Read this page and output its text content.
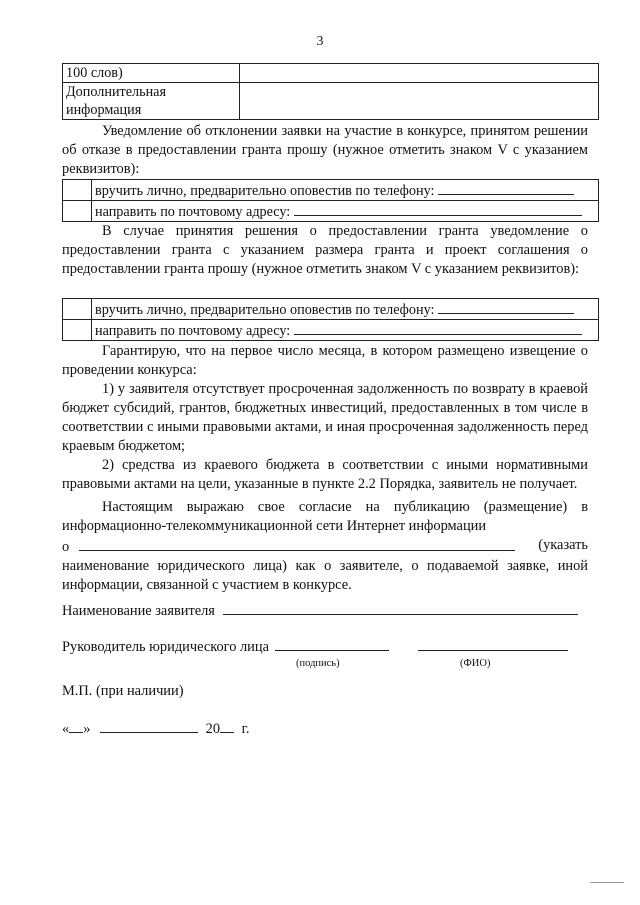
3
100 слов)	
Дополнительная информация	

Уведомление об отклонении заявки на участие в конкурсе, принятом решении об отказе в предоставлении гранта прошу (нужное отметить знаком V с указанием реквизитов):

	вручить лично, предварительно оповестив по телефону:
	направить по почтовому адресу:

В случае принятия решения о предоставлении гранта уведомление о предоставлении гранта с указанием размера гранта и проект соглашения о предоставлении гранта прошу (нужное отметить знаком V с указанием реквизитов):

	вручить лично, предварительно оповестив по телефону:
	направить по почтовому адресу:

Гарантирую, что на первое число месяца, в котором размещено извещение о проведении конкурса:

1) у заявителя отсутствует просроченная задолженность по возврату в краевой бюджет субсидий, грантов, бюджетных инвестиций, предоставленных в том числе в соответствии с иными правовыми актами, и иная просроченная задолженность перед краевым бюджетом;

2) средства из краевого бюджета в соответствии с иными нормативными правовыми актами на цели, указанные в пункте 2.2 Порядка, заявитель не получает.

Настоящим выражаю свое согласие на публикацию (размещение) в информационно-телекоммуникационной сети Интернет информации

о	(указать

наименование юридического лица) как о заявителе, о подаваемой заявке, иной информации, связанной с участием в конкурсе.

Наименование заявителя
Руководитель юридического лица
(подпись)	(ФИО)
М.П. (при наличии)
« »	20 г.
